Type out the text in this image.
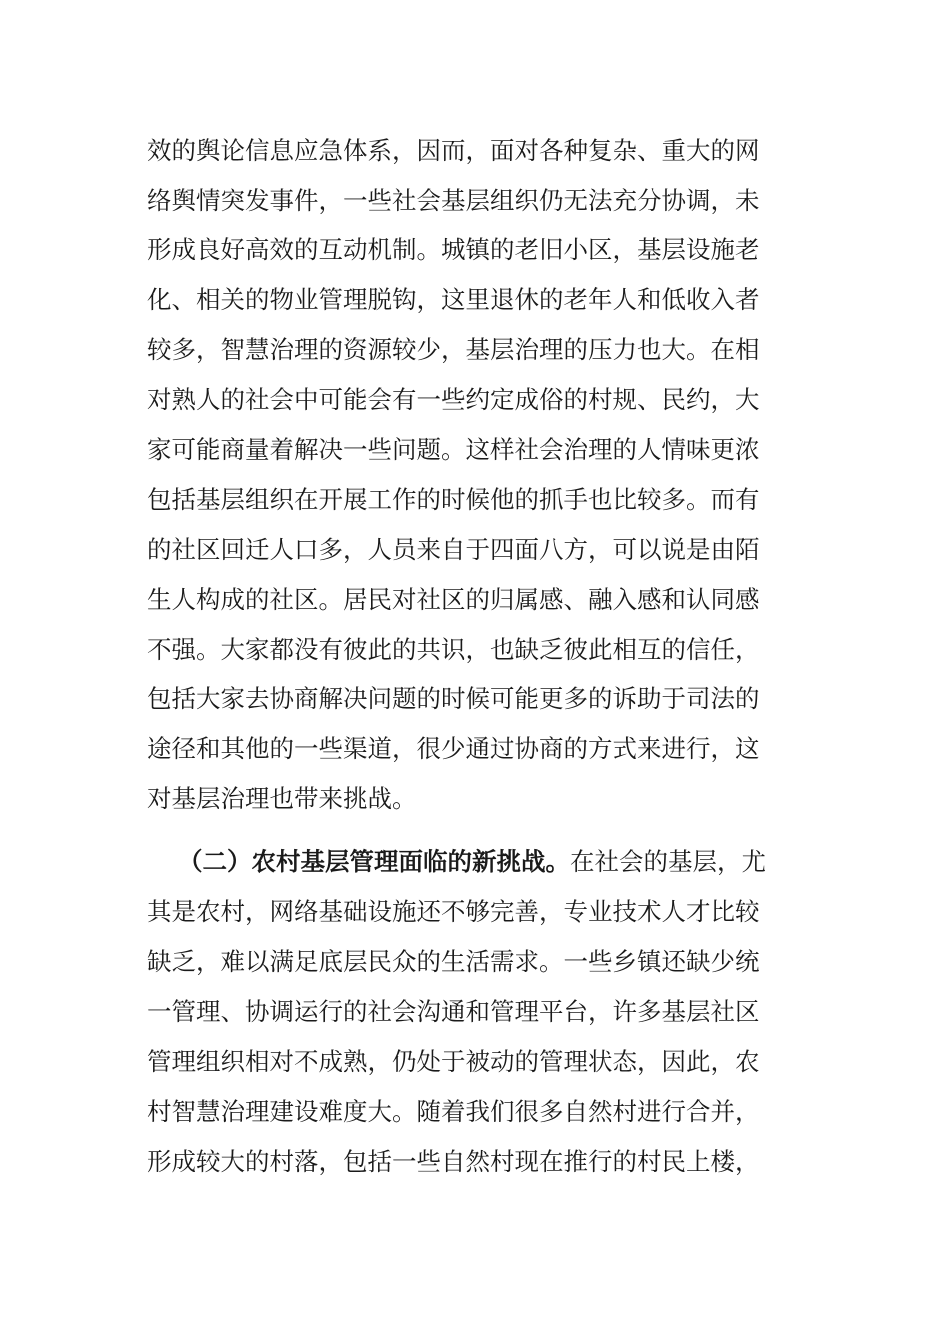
效的舆论信息应急体系，因而，面对各种复杂、重大的网
络舆情突发事件，一些社会基层组织仍无法充分协调，未
形成良好高效的互动机制。城镇的老旧小区，基层设施老
化、相关的物业管理脱钩，这里退休的老年人和低收入者
较多，智慧治理的资源较少，基层治理的压力也大。在相
对熟人的社会中可能会有一些约定成俗的村规、民约，大
家可能商量着解决一些问题。这样社会治理的人情味更浓
包括基层组织在开展工作的时候他的抓手也比较多。而有
的社区回迁人口多，人员来自于四面八方，可以说是由陌
生人构成的社区。居民对社区的归属感、融入感和认同感
不强。大家都没有彼此的共识，也缺乏彼此相互的信任，
包括大家去协商解决问题的时候可能更多的诉助于司法的
途径和其他的一些渠道，很少通过协商的方式来进行，这
对基层治理也带来挑战。
（二）农村基层管理面临的新挑战。在社会的基层，尤
其是农村，网络基础设施还不够完善，专业技术人才比较
缺乏，难以满足底层民众的生活需求。一些乡镇还缺少统
一管理、协调运行的社会沟通和管理平台，许多基层社区
管理组织相对不成熟，仍处于被动的管理状态，因此，农
村智慧治理建设难度大。随着我们很多自然村进行合并，
形成较大的村落，包括一些自然村现在推行的村民上楼，
